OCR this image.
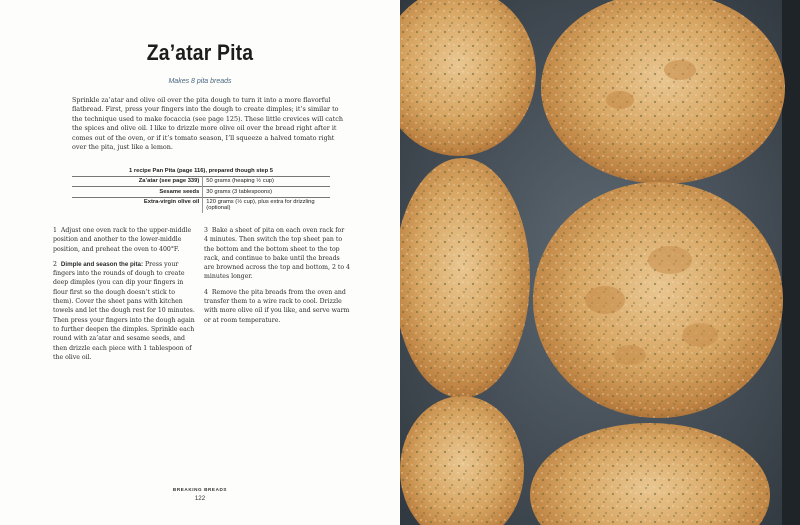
Za’atar Pita
Makes 8 pita breads
Sprinkle za’atar and olive oil over the pita dough to turn it into a more flavorful flatbread. First, press your fingers into the dough to create dimples; it’s similar to the technique used to make focaccia (see page 125). These little crevices will catch the spices and olive oil. I like to drizzle more olive oil over the bread right after it comes out of the oven, or if it’s tomato season, I’ll squeeze a halved tomato right over the pita, just like a lemon.
1 recipe Pan Pita (page 116), prepared though step 5	
Za’atar (see page 339)	50 grams (heaping ½ cup)
Sesame seeds	30 grams (3 tablespoons)
Extra-virgin olive oil	120 grams (½ cup), plus extra for drizzling (optional)

1 Adjust one oven rack to the upper-middle position and another to the lower-middle position, and preheat the oven to 400°F.

2 Dimple and season the pita: Press your fingers into the rounds of dough to create deep dimples (you can dip your fingers in flour first so the dough doesn’t stick to them). Cover the sheet pans with kitchen towels and let the dough rest for 10 minutes. Then press your fingers into the dough again to further deepen the dimples. Sprinkle each round with za’atar and sesame seeds, and then drizzle each piece with 1 tablespoon of the olive oil.

3 Bake a sheet of pita on each oven rack for 4 minutes. Then switch the top sheet pan to the bottom and the bottom sheet to the top rack, and continue to bake until the breads are browned across the top and bottom, 2 to 4 minutes longer.

4 Remove the pita breads from the oven and transfer them to a wire rack to cool. Drizzle with more olive oil if you like, and serve warm or at room temperature.

BREAKING BREADS
122
